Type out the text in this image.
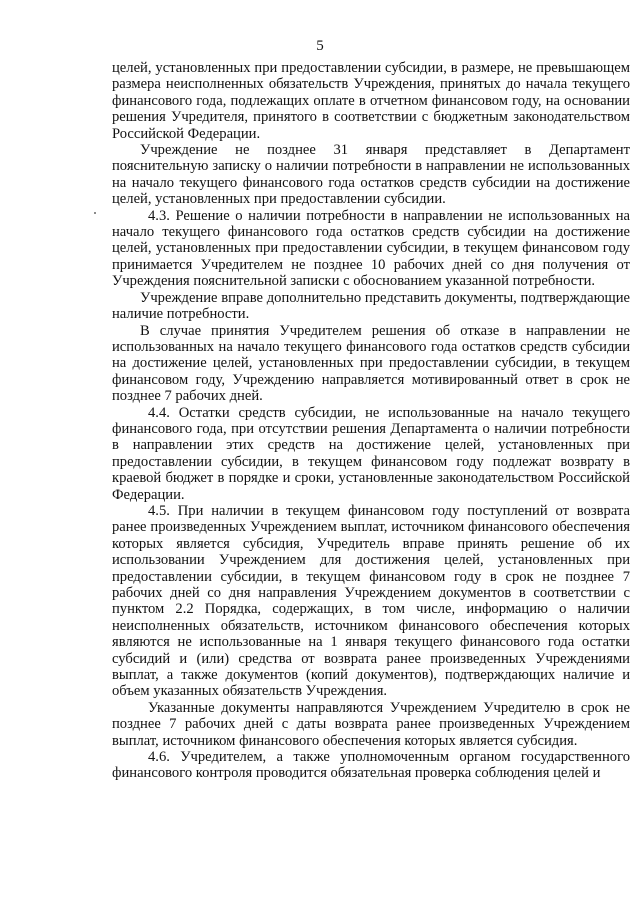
5

целей, установленных при предоставлении субсидии, в размере, не превышающем размера неисполненных обязательств Учреждения, принятых до начала текущего финансового года, подлежащих оплате в отчетном финансовом году, на основании решения Учредителя, принятого в соответствии с бюджетным законодательством Российской Федерации.

Учреждение не позднее 31 января представляет в Департамент пояснительную записку о наличии потребности в направлении не использованных на начало текущего финансового года остатков средств субсидии на достижение целей, установленных при предоставлении субсидии.

4.3. Решение о наличии потребности в направлении не использованных на начало текущего финансового года остатков средств субсидии на достижение целей, установленных при предоставлении субсидии, в текущем финансовом году принимается Учредителем не позднее 10 рабочих дней со дня получения от Учреждения пояснительной записки с обоснованием указанной потребности.

Учреждение вправе дополнительно представить документы, подтверждающие наличие потребности.

В случае принятия Учредителем решения об отказе в направлении не использованных на начало текущего финансового года остатков средств субсидии на достижение целей, установленных при предоставлении субсидии, в текущем финансовом году, Учреждению направляется мотивированный ответ в срок не позднее 7 рабочих дней.

4.4. Остатки средств субсидии, не использованные на начало текущего финансового года, при отсутствии решения Департамента о наличии потребности в направлении этих средств на достижение целей, установленных при предоставлении субсидии, в текущем финансовом году подлежат возврату в краевой бюджет в порядке и сроки, установленные законодательством Российской Федерации.

4.5. При наличии в текущем финансовом году поступлений от возврата ранее произведенных Учреждением выплат, источником финансового обеспечения которых является субсидия, Учредитель вправе принять решение об их использовании Учреждением для достижения целей, установленных при предоставлении субсидии, в текущем финансовом году в срок не позднее 7 рабочих дней со дня направления Учреждением документов в соответствии с пунктом 2.2 Порядка, содержащих, в том числе, информацию о наличии неисполненных обязательств, источником финансового обеспечения которых являются не использованные на 1 января текущего финансового года остатки субсидий и (или) средства от возврата ранее произведенных Учреждениями выплат, а также документов (копий документов), подтверждающих наличие и объем указанных обязательств Учреждения.

Указанные документы направляются Учреждением Учредителю в срок не позднее 7 рабочих дней с даты возврата ранее произведенных Учреждением выплат, источником финансового обеспечения которых является субсидия.

4.6. Учредителем, а также уполномоченным органом государственного финансового контроля проводится обязательная проверка соблюдения целей и
